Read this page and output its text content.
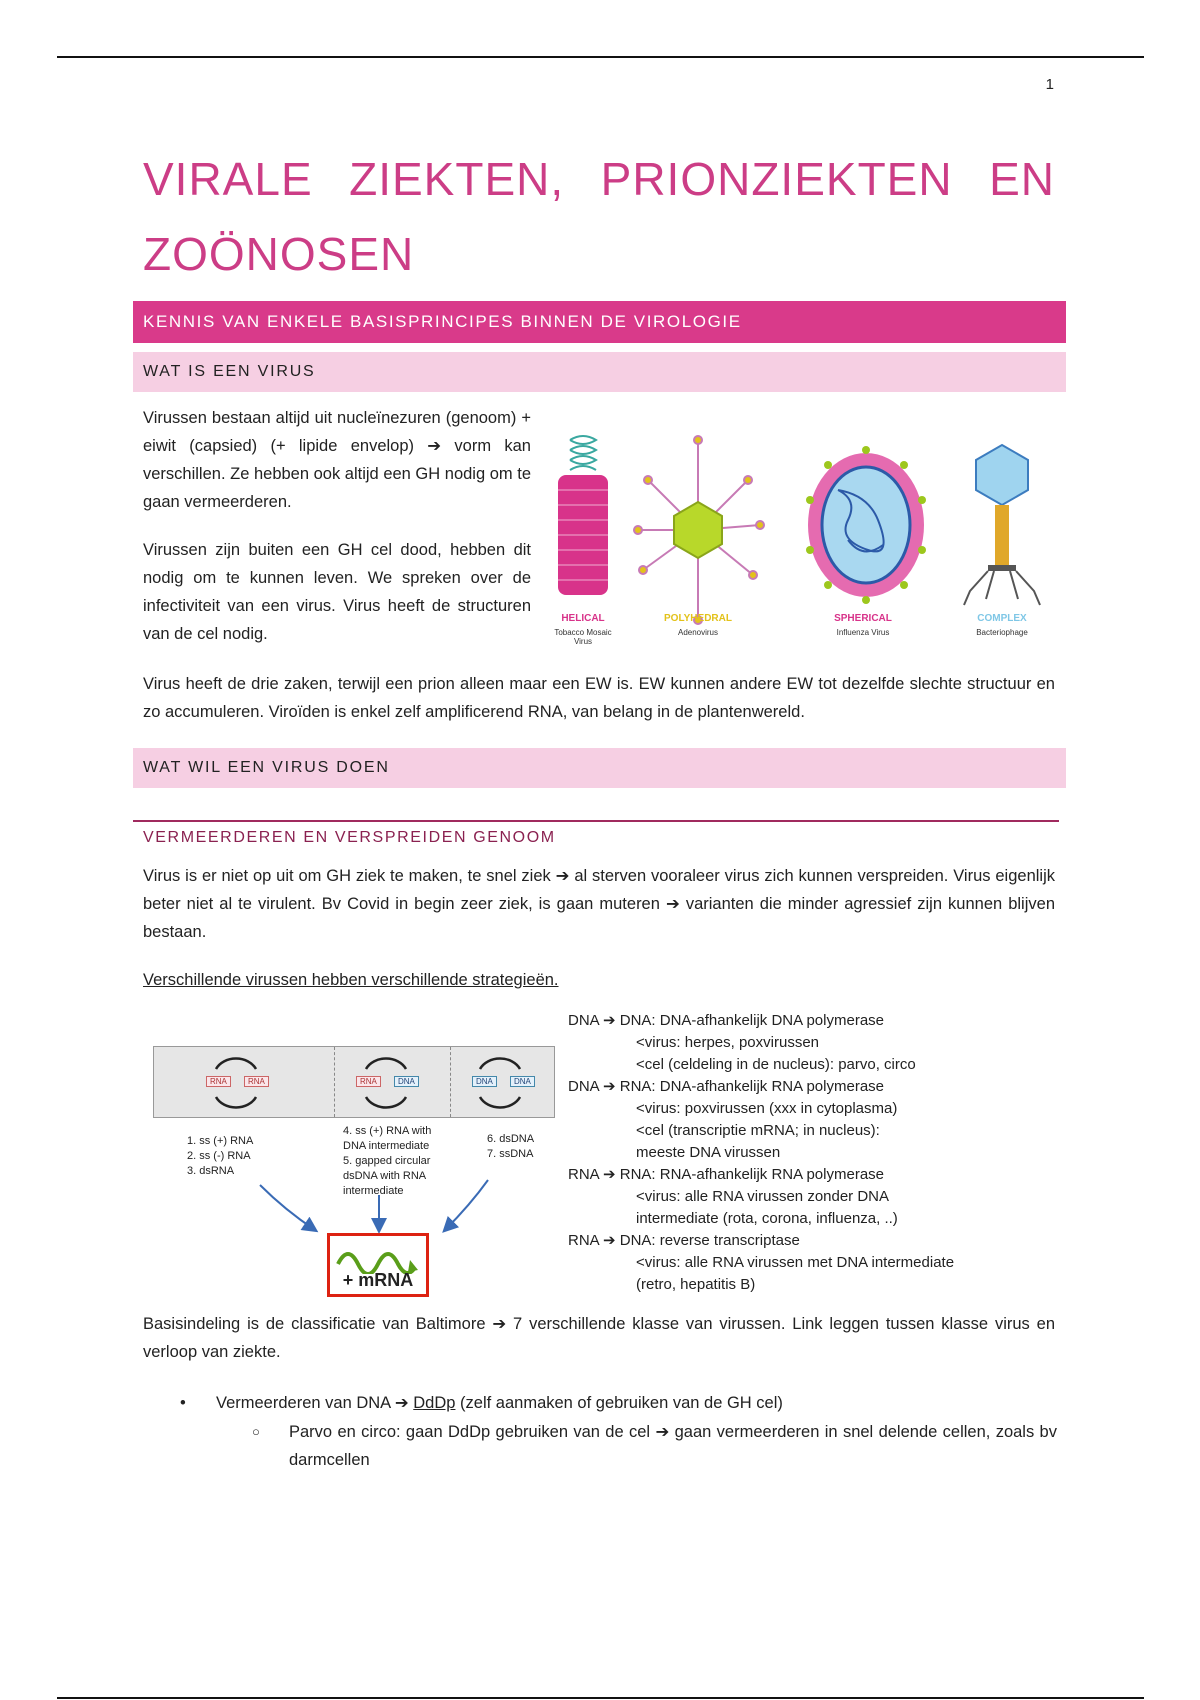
1
VIRALE ZIEKTEN, PRIONZIEKTEN EN
ZOÖNOSEN
KENNIS VAN ENKELE BASISPRINCIPES BINNEN DE VIROLOGIE
WAT IS EEN VIRUS
Virussen bestaan altijd uit nucleïnezuren (genoom) + eiwit (capsied) (+ lipide envelop) ➔ vorm kan verschillen. Ze hebben ook altijd een GH nodig om te gaan vermeerderen.
Virussen zijn buiten een GH cel dood, hebben dit nodig om te kunnen leven. We spreken over de infectiviteit van een virus. Virus heeft de structuren van de cel nodig.
HELICAL
Tobacco Mosaic Virus
POLYHEDRAL
Adenovirus
SPHERICAL
Influenza Virus
COMPLEX
Bacteriophage
Virus heeft de drie zaken, terwijl een prion alleen maar een EW is. EW kunnen andere EW tot dezelfde slechte structuur en zo accumuleren. Viroïden is enkel zelf amplificerend RNA, van belang in de plantenwereld.
WAT WIL EEN VIRUS DOEN
VERMEERDEREN EN VERSPREIDEN GENOOM
Virus is er niet op uit om GH ziek te maken, te snel ziek ➔ al sterven vooraleer virus zich kunnen verspreiden. Virus eigenlijk beter niet al te virulent. Bv Covid in begin zeer ziek, is gaan muteren ➔ varianten die minder agressief zijn kunnen blijven bestaan.
Verschillende virussen hebben verschillende strategieën.
RNA	RNA	RNA	DNA	DNA	DNA
1. ss (+) RNA
2. ss (-) RNA
3. dsRNA
4. ss (+) RNA with
DNA intermediate
5. gapped circular
dsDNA with RNA
intermediate
6. dsDNA
7. ssDNA
+ mRNA
DNA ➔ DNA: DNA-afhankelijk DNA polymerase
<virus: herpes, poxvirussen
<cel (celdeling in de nucleus): parvo, circo
DNA ➔ RNA: DNA-afhankelijk RNA polymerase
<virus: poxvirussen (xxx in cytoplasma)
<cel (transcriptie mRNA; in nucleus):
meeste DNA virussen
RNA ➔ RNA: RNA-afhankelijk RNA polymerase
<virus: alle RNA virussen zonder DNA
intermediate (rota, corona, influenza, ..)
RNA ➔ DNA: reverse transcriptase
<virus: alle RNA virussen met DNA intermediate
(retro, hepatitis B)
Basisindeling is de classificatie van Baltimore ➔ 7 verschillende klasse van virussen. Link leggen tussen klasse virus en verloop van ziekte.
• Vermeerderen van DNA ➔ DdDp (zelf aanmaken of gebruiken van de GH cel)
○ Parvo en circo: gaan DdDp gebruiken van de cel ➔ gaan vermeerderen in snel delende cellen, zoals bv darmcellen
